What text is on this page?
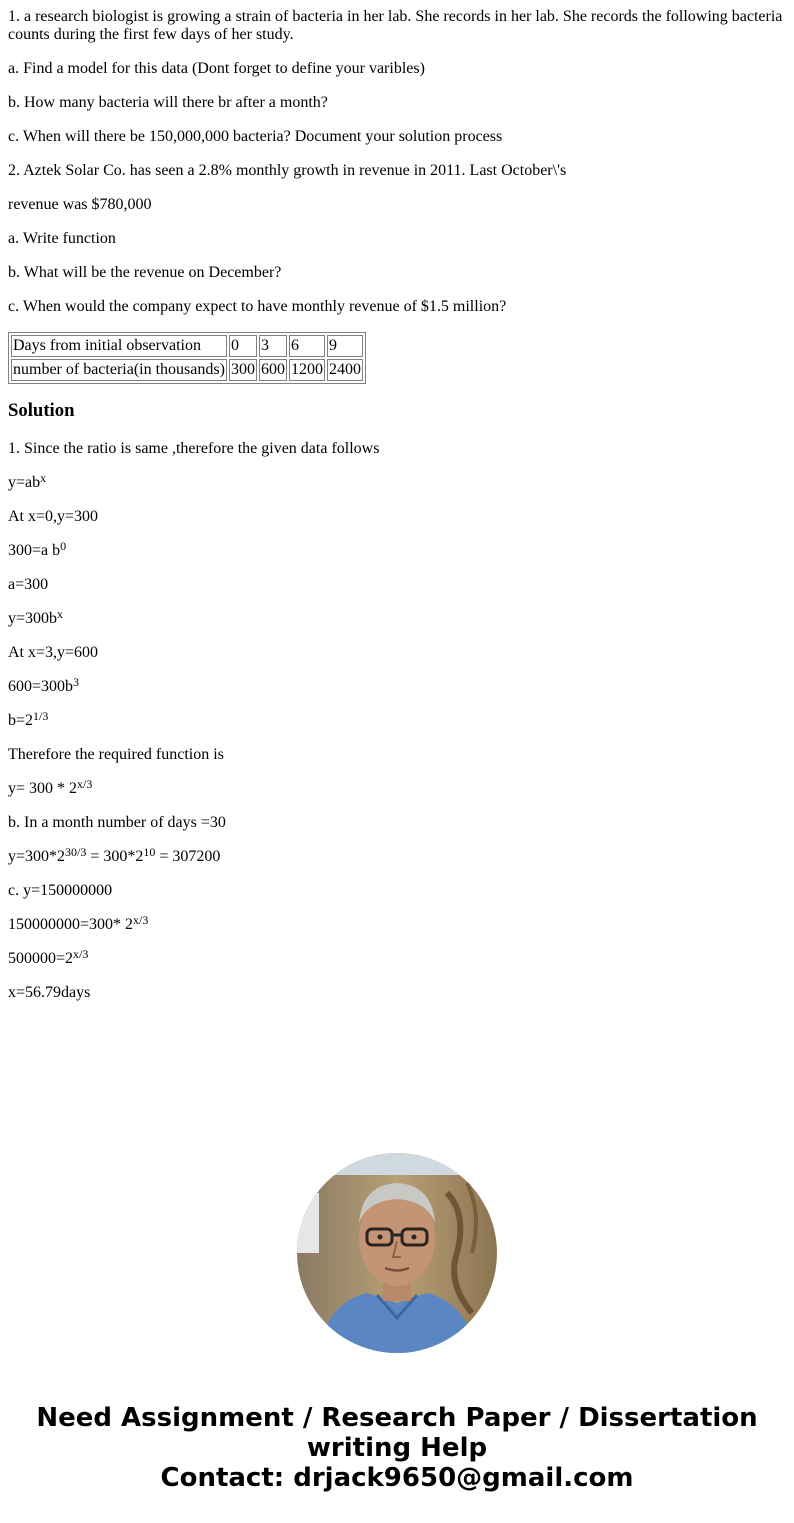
1. a research biologist is growing a strain of bacteria in her lab. She records in her lab. She records the following bacteria counts during the first few days of her study.

a. Find a model for this data (Dont forget to define your varibles)

b. How many bacteria will there br after a month?

c. When will there be 150,000,000 bacteria? Document your solution process

2. Aztek Solar Co. has seen a 2.8% monthly growth in revenue in 2011. Last October\'s

revenue was $780,000

a. Write function

b. What will be the revenue on December?

c. When would the company expect to have monthly revenue of $1.5 million?

Days from initial observation	0	3	6	9
number of bacteria(in thousands)	300	600	1200	2400
Solution

1. Since the ratio is same ,therefore the given data follows

$y=ab^x$

At x=0,y=300

300=a $b^0$

a=300

$y=300b^x$

At x=3,y=600

$600=300b^3$

$b=2^{1/3}$

Therefore the required function is

$y= 300 * 2^{x/3}$

b. In a month number of days =30

$y=300*2^{30/3} = 300*2^{10} = 307200$

c. y=150000000

150000000=300* $2^{x/3}$

$500000=2^{x/3}$

x=56.79days

Need Assignment / Research Paper / Dissertation
writing Help
Contact: drjack9650@gmail.com
